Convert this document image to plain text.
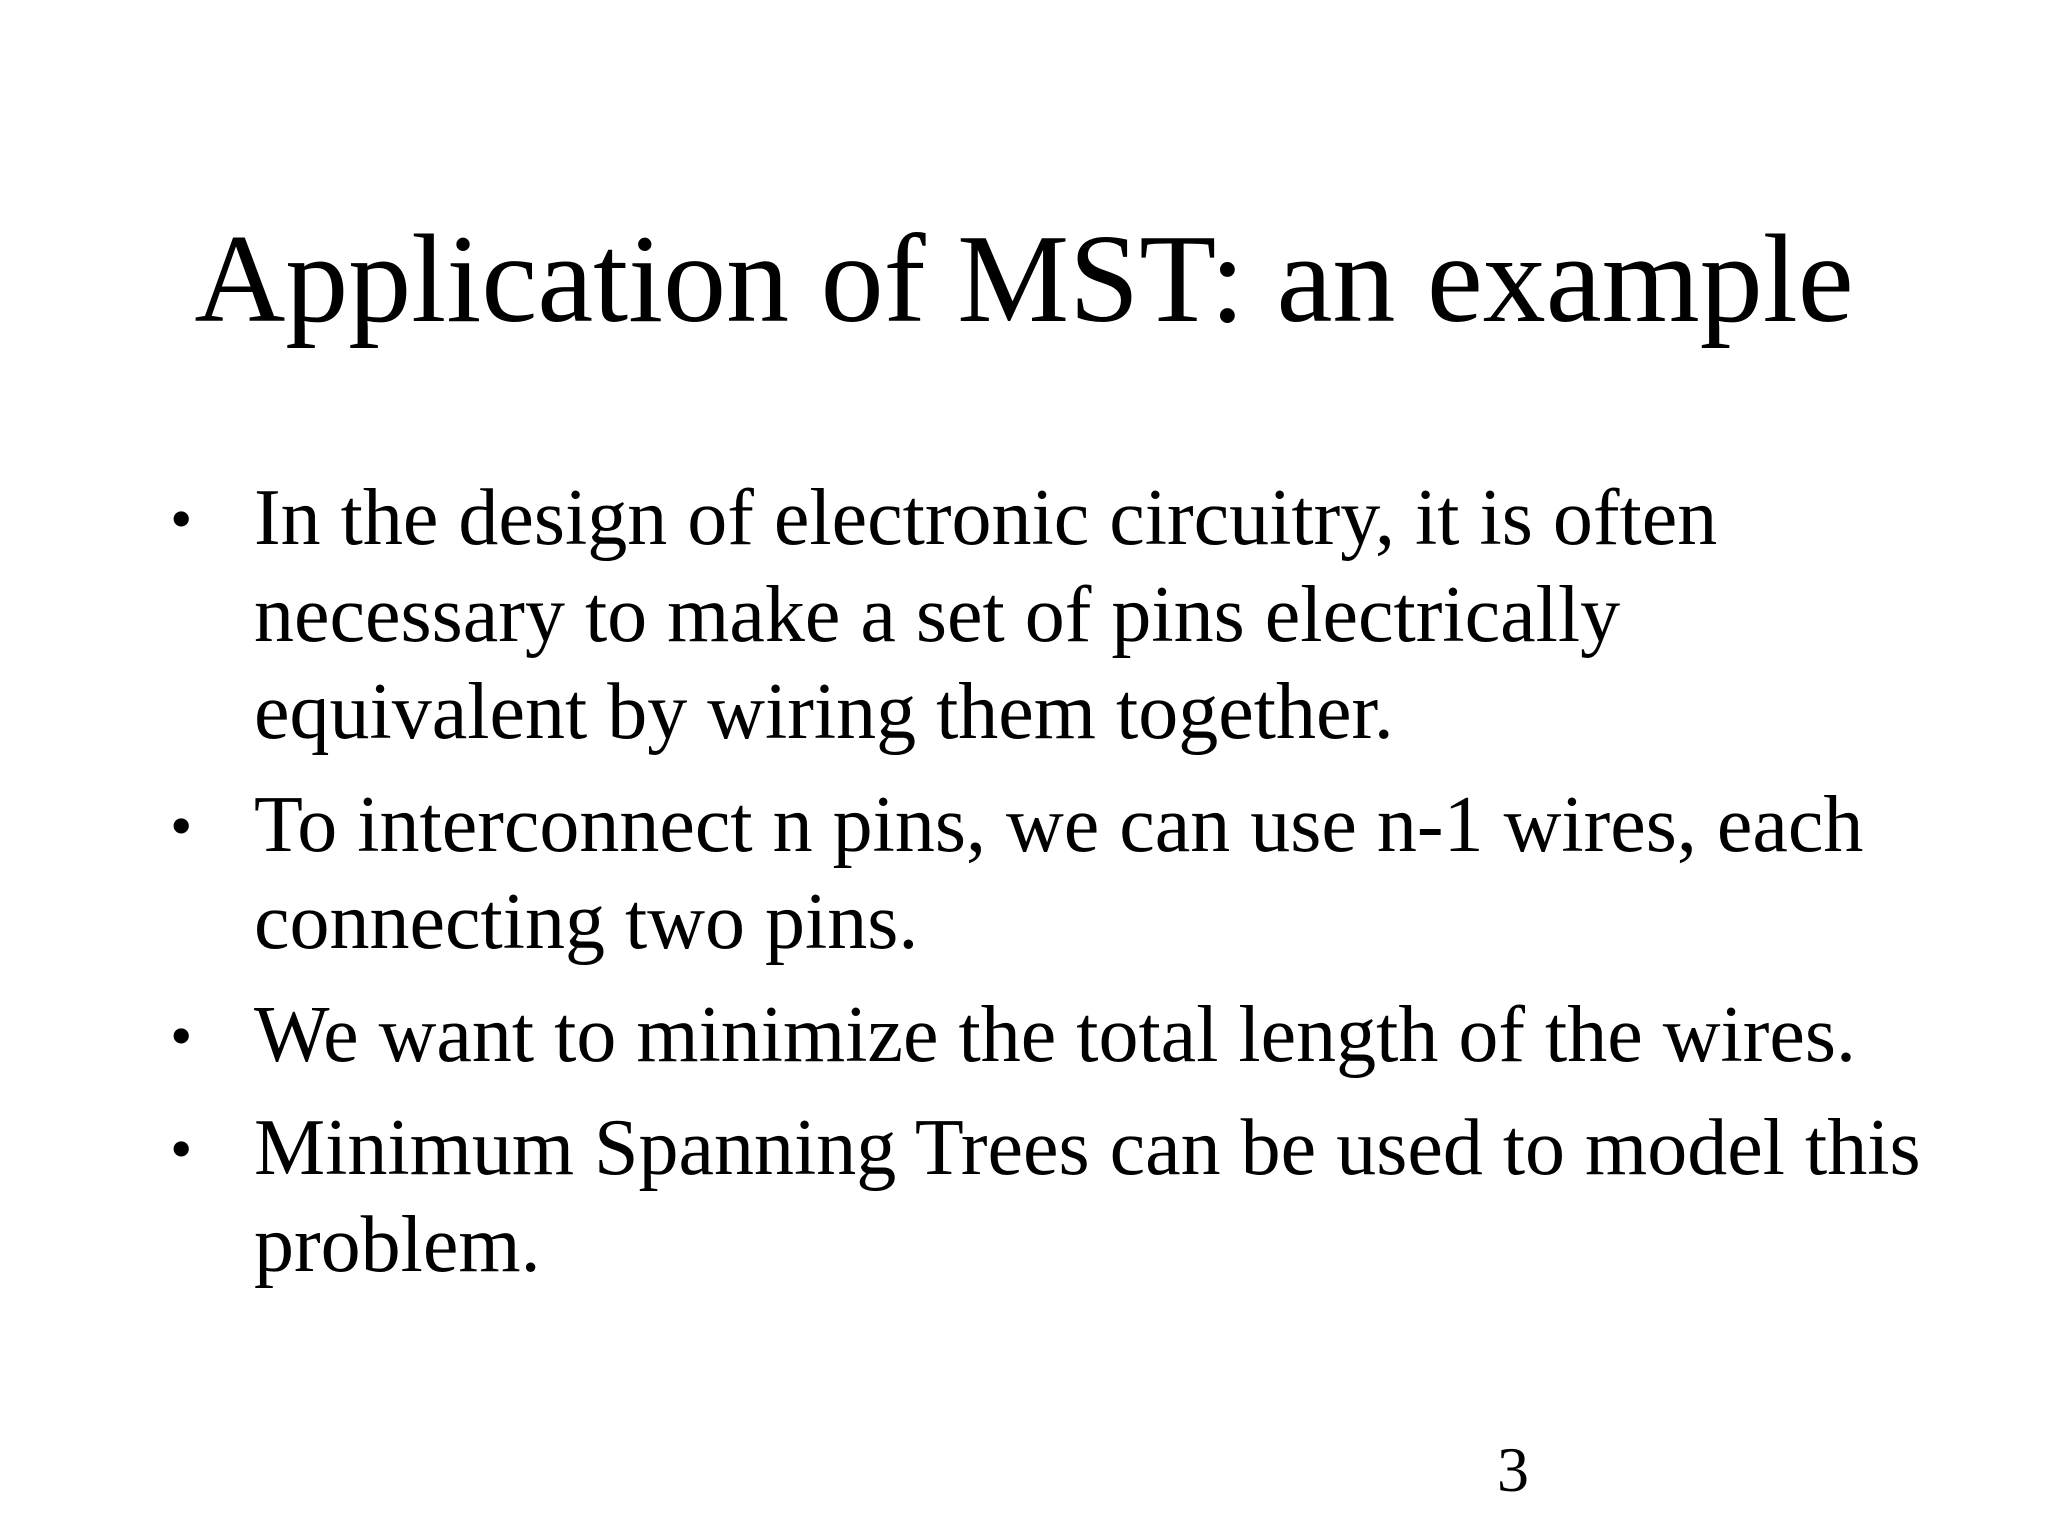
Application of MST: an example
• In the design of electronic circuitry, it is often necessary to make a set of pins electrically equivalent by wiring them together.
• To interconnect n pins, we can use n-1 wires, each connecting two pins.
• We want to minimize the total length of the wires.
• Minimum Spanning Trees can be used to model this problem.
3
